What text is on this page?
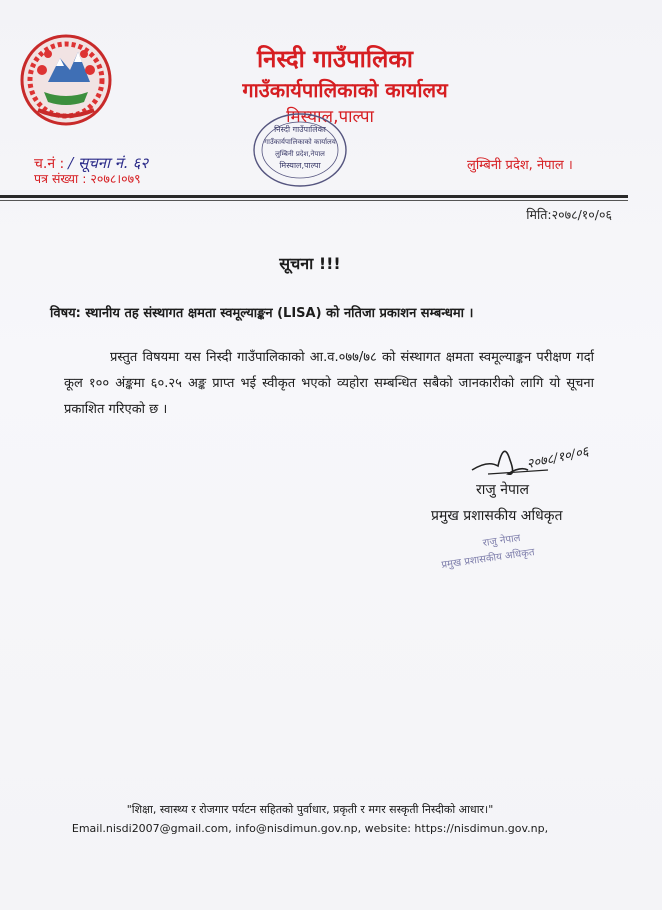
निस्दी गाउँपालिका
गाउँकार्यपालिकाको कार्यालय
मिस्याल,पाल्पा
निस्दी गाउँपालिका
गाउँकार्यपालिकाको कार्यालय
लुम्बिनी प्रदेश,नेपाल
मिस्याल,पाल्पा
च.नं : / सूचना नं. ६२
पत्र संख्या : २०७८।०७९
लुम्बिनी प्रदेश, नेपाल ।
मिति:२०७८/१०/०६
सूचना !!!
विषय: स्थानीय तह संस्थागत क्षमता स्वमूल्याङ्कन (LISA) को नतिजा प्रकाशन सम्बन्धमा ।
प्रस्तुत विषयमा यस निस्दी गाउँपालिकाको आ.व.०७७/७८ को संस्थागत क्षमता स्वमूल्याङ्कन परीक्षण गर्दा कूल १०० अंङ्कमा ६०.२५ अङ्क प्राप्त भई स्वीकृत भएको व्यहोरा सम्बन्धित सबैको जानकारीको लागि यो सूचना प्रकाशित गरिएको छ ।
२०७८/१०/०६
राजु नेपाल
प्रमुख प्रशासकीय अधिकृत
राजु नेपाल
प्रमुख प्रशासकीय अधिकृत
"शिक्षा, स्वास्थ्य र रोजगार पर्यटन सहितको पुर्वाधार, प्रकृती र मगर सस्कृती निस्दीको आधार।"
Email.nisdi2007@gmail.com, info@nisdimun.gov.np, website: https://nisdimun.gov.np,
